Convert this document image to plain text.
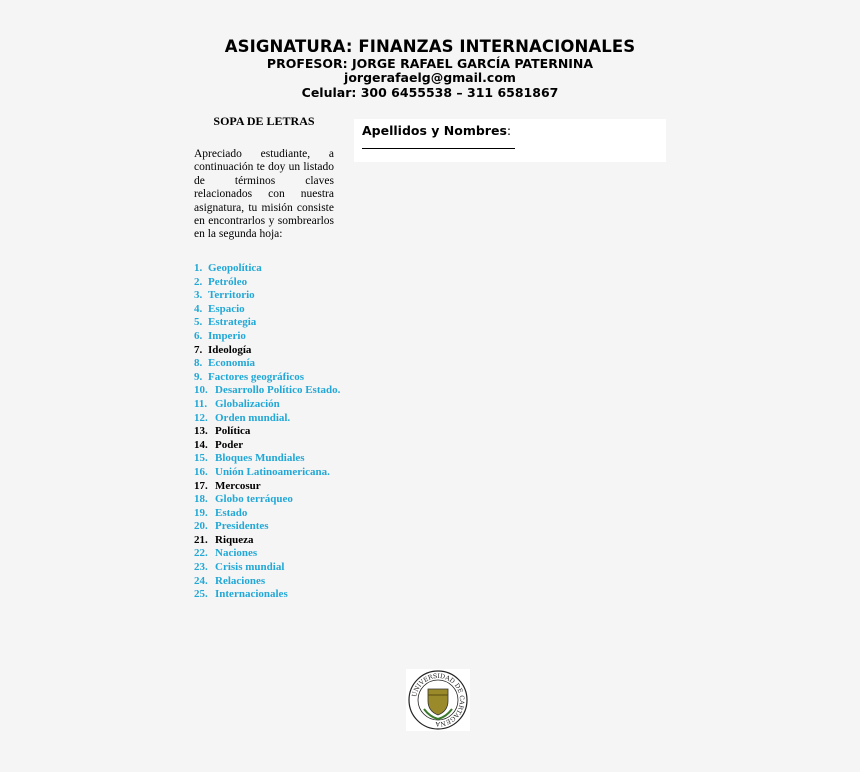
ASIGNATURA: FINANZAS INTERNACIONALES
PROFESOR: JORGE RAFAEL GARCÍA PATERNINA
jorgerafaelg@gmail.com
Celular: 300 6455538 – 311 6581867
SOPA DE LETRAS

Apreciado estudiante, a continuación te doy un listado de términos claves relacionados con nuestra asignatura, tu misión consiste en encontrarlos y sombrearlos en la segunda hoja:

1. Geopolítica
2. Petróleo
3. Territorio
4. Espacio
5. Estrategia
6. Imperio
7. Ideología
8. Economía
9. Factores geográficos
10. Desarrollo Político Estado.
11. Globalización
12. Orden mundial.
13. Política
14. Poder
15. Bloques Mundiales
16. Unión Latinoamericana.
17. Mercosur
18. Globo terráqueo
19. Estado
20. Presidentes
21. Riqueza
22. Naciones
23. Crisis mundial
24. Relaciones
25. Internacionales
Apellidos y Nombres:
UNIVERSIDAD DE CARTAGENA
